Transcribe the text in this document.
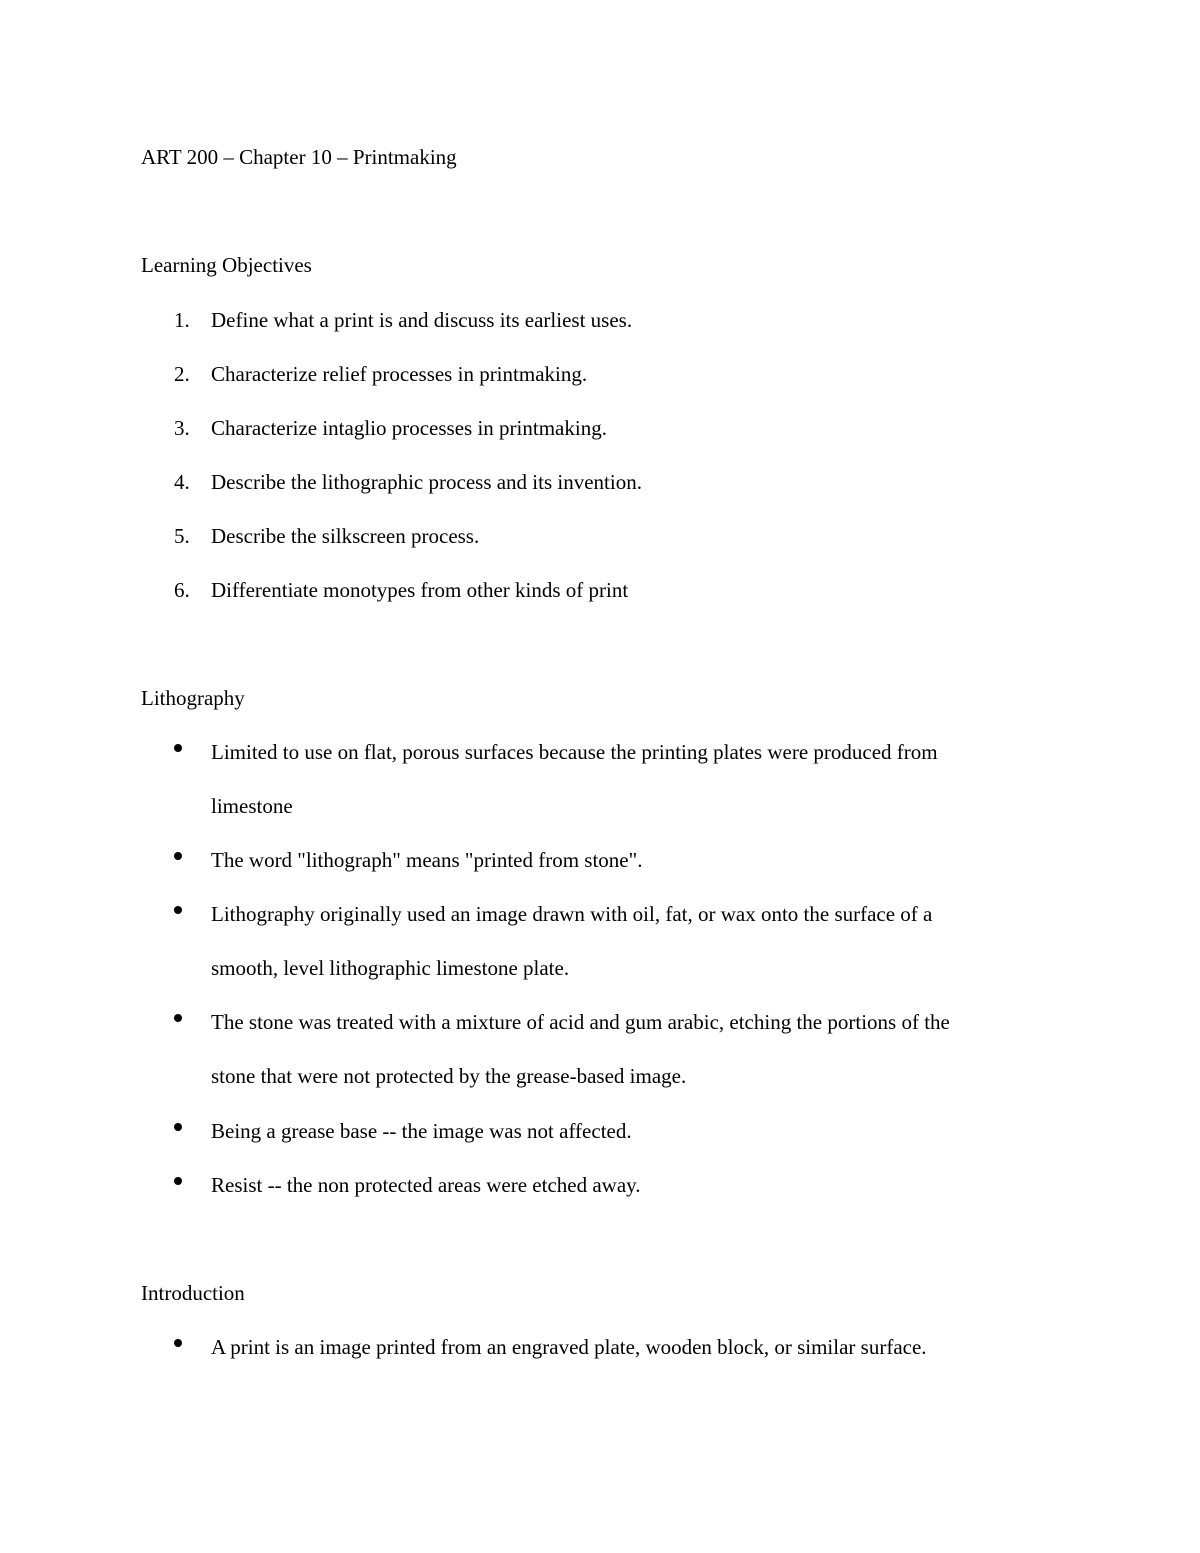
ART 200 – Chapter 10 – Printmaking
Learning Objectives
1. Define what a print is and discuss its earliest uses.
2. Characterize relief processes in printmaking.
3. Characterize intaglio processes in printmaking.
4. Describe the lithographic process and its invention.
5. Describe the silkscreen process.
6. Differentiate monotypes from other kinds of print
Lithography
Limited to use on flat, porous surfaces because the printing plates were produced from
limestone
The word "lithograph" means "printed from stone".
Lithography originally used an image drawn with oil, fat, or wax onto the surface of a
smooth, level lithographic limestone plate.
The stone was treated with a mixture of acid and gum arabic, etching the portions of the
stone that were not protected by the grease-based image.
Being a grease base -- the image was not affected.
Resist -- the non protected areas were etched away.
Introduction
A print is an image printed from an engraved plate, wooden block, or similar surface.
